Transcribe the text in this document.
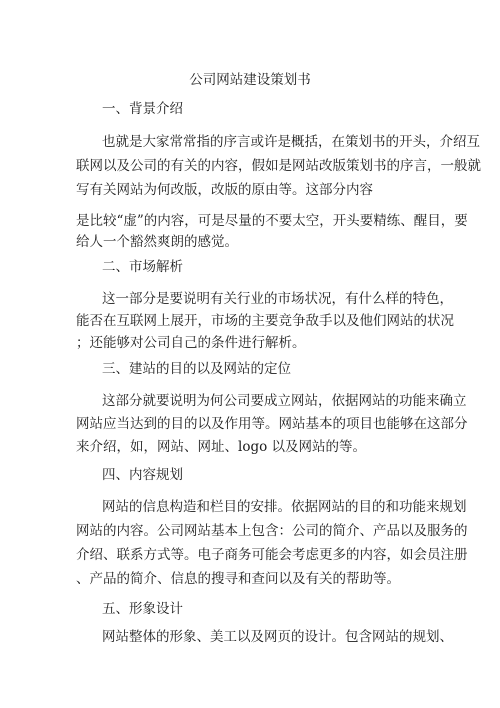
公司网站建设策划书
一、背景介绍
也就是大家常常指的序言或许是概括，在策划书的开头，介绍互
联网以及公司的有关的内容，假如是网站改版策划书的序言，一般就
写有关网站为何改版，改版的原由等。这部分内容
是比较“虚”的内容，可是尽量的不要太空，开头要精练、醒目，要
给人一个豁然爽朗的感觉。
二、市场解析
这一部分是要说明有关行业的市场状况，有什么样的特色，
能否在互联网上展开，市场的主要竞争敌手以及他们网站的状况
；还能够对公司自己的条件进行解析。
三、建站的目的以及网站的定位
这部分就要说明为何公司要成立网站，依据网站的功能来确立
网站应当达到的目的以及作用等。网站基本的项目也能够在这部分
来介绍，如，网站、网址、logo 以及网站的等。
四、内容规划
网站的信息构造和栏目的安排。依据网站的目的和功能来规划
网站的内容。公司网站基本上包含：公司的简介、产品以及服务的
介绍、联系方式等。电子商务可能会考虑更多的内容，如会员注册
、产品的简介、信息的搜寻和查问以及有关的帮助等。
五、形象设计
网站整体的形象、美工以及网页的设计。包含网站的规划、
